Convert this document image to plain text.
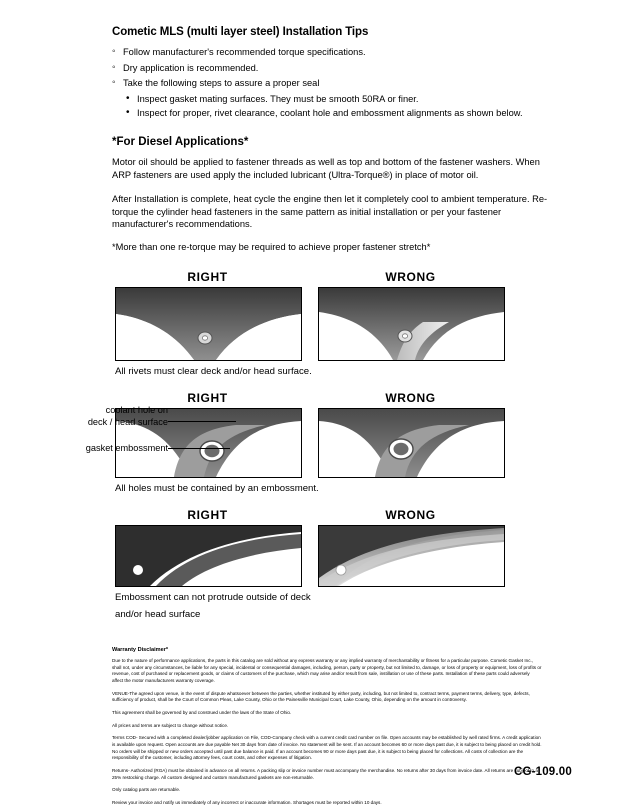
Cometic MLS (multi layer steel) Installation Tips
◦ Follow manufacturer's recommended torque specifications.
◦ Dry application is recommended.
◦ Take the following steps to assure a proper seal
• Inspect gasket mating surfaces. They must be smooth 50RA or finer.
• Inspect for proper, rivet clearance, coolant hole and embossment alignments as shown below.
*For Diesel Applications*

Motor oil should be applied to fastener threads as well as top and bottom of the fastener washers. When ARP fasteners are used apply the included lubricant (Ultra-Torque®) in place of motor oil.

After Installation is complete, heat cycle the engine then let it completely cool to ambient temperature. Re-torque the cylinder head fasteners in the same pattern as initial installation or per your fastener manufacturer's recommendations.

*More than one re-torque may be required to achieve proper fastener stretch*

RIGHT	WRONG
All rivets must clear deck and/or head surface.
RIGHT	WRONG
All holes must be contained by an embossment.
coolant hole on
deck / head surface
gasket embossment
RIGHT	WRONG
Embossment can not protrude outside of deck
and/or head surface
Warranty Disclaimer*

Due to the nature of performance applications, the parts in this catalog are sold without any express warranty or any implied warranty of merchantability or fitness for a particular purpose. Cometic Gasket Inc., shall not, under any circumstances, be liable for any special, incidental or consequential damages, including, person, party or property, but not limited to, damage, or loss of property or equipment, loss of profits or revenue, cost of purchased or replacement goods, or claims of customers of the purchase, which may arise and/or result from sale, instillation or use of these parts. Installation of these parts could adversely affect the motor manufacturers warranty coverage.

VENUE-The agreed upon venue, in the event of dispute whatsoever between the parties, whether instituted by either party, including, but not limited to, contract terms, payment terms, delivery, type, defects, sufficiency of product, shall be the Court of Common Pleas, Lake County, Ohio or the Painesville Municipal Court, Lake County, Ohio, depending on the amount in controversy.

This agreement shall be governed by and construed under the laws of the State of Ohio.

All prices and terms are subject to change without notice.

Terms COD- Secured with a completed dealer/jobber application on File, COD-Company check with a current credit card number on file. Open accounts may be established by well rated firms. A credit application is available upon request. Open accounts are due payable Net 30 days from date of invoice. No statement will be sent. If an account becomes 60 or more days past due, it is subject to being placed on credit hold. No orders will be shipped or new orders accepted until past due balance is paid. If an account becomes 90 or more days past due, it is subject to being placed for collections. All costs of collection are the responsibility of the customer, including attorney fees, court costs, and other expenses of litigation.

Returns- Authorized (RGA) must be obtained in advance on all returns. A packing slip or invoice number must accompany the merchandise. No returns after 30 days from invoice date. All returns are subject to a 25% restocking charge. All custom designed and custom manufactured gaskets are non-returnable.

Only catalog parts are returnable.

Review your invoice and notify us immediately of any incorrect or inaccurate information. Shortages must be reported within 10 days.

CG-109.00
